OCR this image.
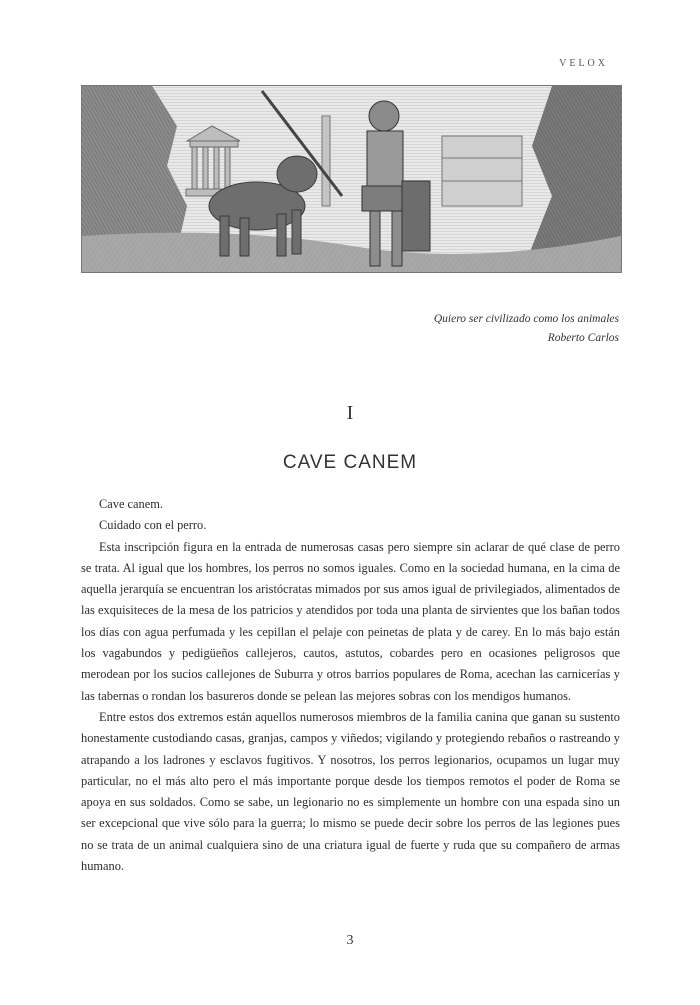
VELOX
Quiero ser civilizado como los animales
Roberto Carlos
I
CAVE CANEM

Cave canem.

Cuidado con el perro.

Esta inscripción figura en la entrada de numerosas casas pero siempre sin aclarar de qué clase de perro se trata. Al igual que los hombres, los perros no somos iguales. Como en la sociedad humana, en la cima de aquella jerarquía se encuentran los aristócratas mimados por sus amos igual de privilegiados, alimentados de las exquisiteces de la mesa de los patricios y atendidos por toda una planta de sirvientes que los bañan todos los días con agua perfumada y les cepillan el pelaje con peinetas de plata y de carey. En lo más bajo están los vagabundos y pedigüeños callejeros, cautos, astutos, cobardes pero en ocasiones peligrosos que merodean por los sucios callejones de Suburra y otros barrios populares de Roma, acechan las carnicerías y las tabernas o rondan los basureros donde se pelean las mejores sobras con los mendigos humanos.

Entre estos dos extremos están aquellos numerosos miembros de la familia canina que ganan su sustento honestamente custodiando casas, granjas, campos y viñedos; vigilando y protegiendo rebaños o rastreando y atrapando a los ladrones y esclavos fugitivos. Y nosotros, los perros legionarios, ocupamos un lugar muy particular, no el más alto pero el más importante porque desde los tiempos remotos el poder de Roma se apoya en sus soldados. Como se sabe, un legionario no es simplemente un hombre con una espada sino un ser excepcional que vive sólo para la guerra; lo mismo se puede decir sobre los perros de las legiones pues no se trata de un animal cualquiera sino de una criatura igual de fuerte y ruda que su compañero de armas humano.

3
